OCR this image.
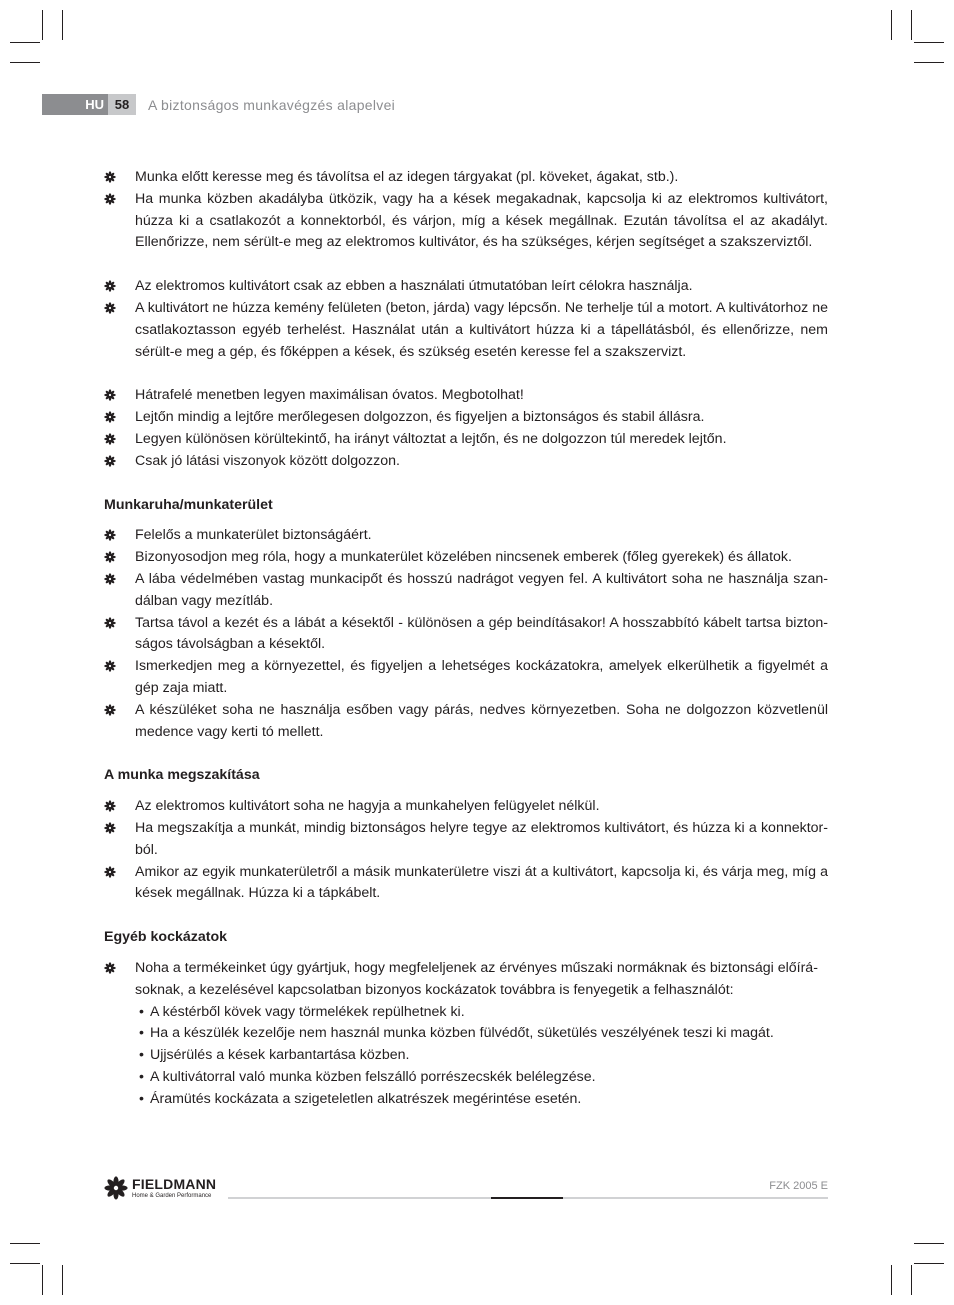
HU 58	A biztonságos munkavégzés alapelvei
Munka előtt keresse meg és távolítsa el az idegen tárgyakat (pl. köveket, ágakat, stb.).
Ha munka közben akadályba ütközik, vagy ha a kések megakadnak, kapcsolja ki az elektromos kultivátort, húzza ki a csatlakozót a konnektorból, és várjon, míg a kések megállnak. Ezután távolítsa el az akadályt. Ellenőrizze, nem sérült-e meg az elektromos kultivátor, és ha szükséges, kérjen segítséget a szakszerviztől.
Az elektromos kultivátort csak az ebben a használati útmutatóban leírt célokra használja.
A kultivátort ne húzza kemény felületen (beton, járda) vagy lépcsőn. Ne terhelje túl a motort. A kultivátorhoz ne csatlakoztasson egyéb terhelést. Használat után a kultivátort húzza ki a tápellátásból, és ellenőrizze, nem sérült-e meg a gép, és főképpen a kések, és szükség esetén keresse fel a szakszervizt.
Hátrafelé menetben legyen maximálisan óvatos. Megbotolhat!
Lejtőn mindig a lejtőre merőlegesen dolgozzon, és figyeljen a biztonságos és stabil állásra.
Legyen különösen körültekintő, ha irányt változtat a lejtőn, és ne dolgozzon túl meredek lejtőn.
Csak jó látási viszonyok között dolgozzon.
Munkaruha/munkaterület
Felelős a munkaterület biztonságáért.
Bizonyosodjon meg róla, hogy a munkaterület közelében nincsenek emberek (főleg gyerekek) és állatok.
A lába védelmében vastag munkacipőt és hosszú nadrágot vegyen fel. A kultivátort soha ne használja szan-dálban vagy mezítláb.
Tartsa távol a kezét és a lábát a késektől - különösen a gép beindításakor! A hosszabbító kábelt tartsa bizton-ságos távolságban a késektől.
Ismerkedjen meg a környezettel, és figyeljen a lehetséges kockázatokra, amelyek elkerülhetik a figyelmét a gép zaja miatt.
A készüléket soha ne használja esőben vagy párás, nedves környezetben. Soha ne dolgozzon közvetlenül medence vagy kerti tó mellett.
A munka megszakítása
Az elektromos kultivátort soha ne hagyja a munkahelyen felügyelet nélkül.
Ha megszakítja a munkát, mindig biztonságos helyre tegye az elektromos kultivátort, és húzza ki a konnektor-ból.
Amikor az egyik munkaterületről a másik munkaterületre viszi át a kultivátort, kapcsolja ki, és várja meg, míg a kések megállnak. Húzza ki a tápkábelt.
Egyéb kockázatok
Noha a termékeinket úgy gyártjuk, hogy megfeleljenek az érvényes műszaki normáknak és biztonsági előírá-soknak, a kezelésével kapcsolatban bizonyos kockázatok továbbra is fenyegetik a felhasználót:
• A késtérből kövek vagy törmelékek repülhetnek ki.
• Ha a készülék kezelője nem használ munka közben fülvédőt, süketülés veszélyének teszi ki magát.
• Ujjsérülés a kések karbantartása közben.
• A kultivátorral való munka közben felszálló porrészecskék belélegzése.
• Áramütés kockázata a szigeteletlen alkatrészek megérintése esetén.
FIELDMANN
Home & Garden Performance
FZK 2005 E
